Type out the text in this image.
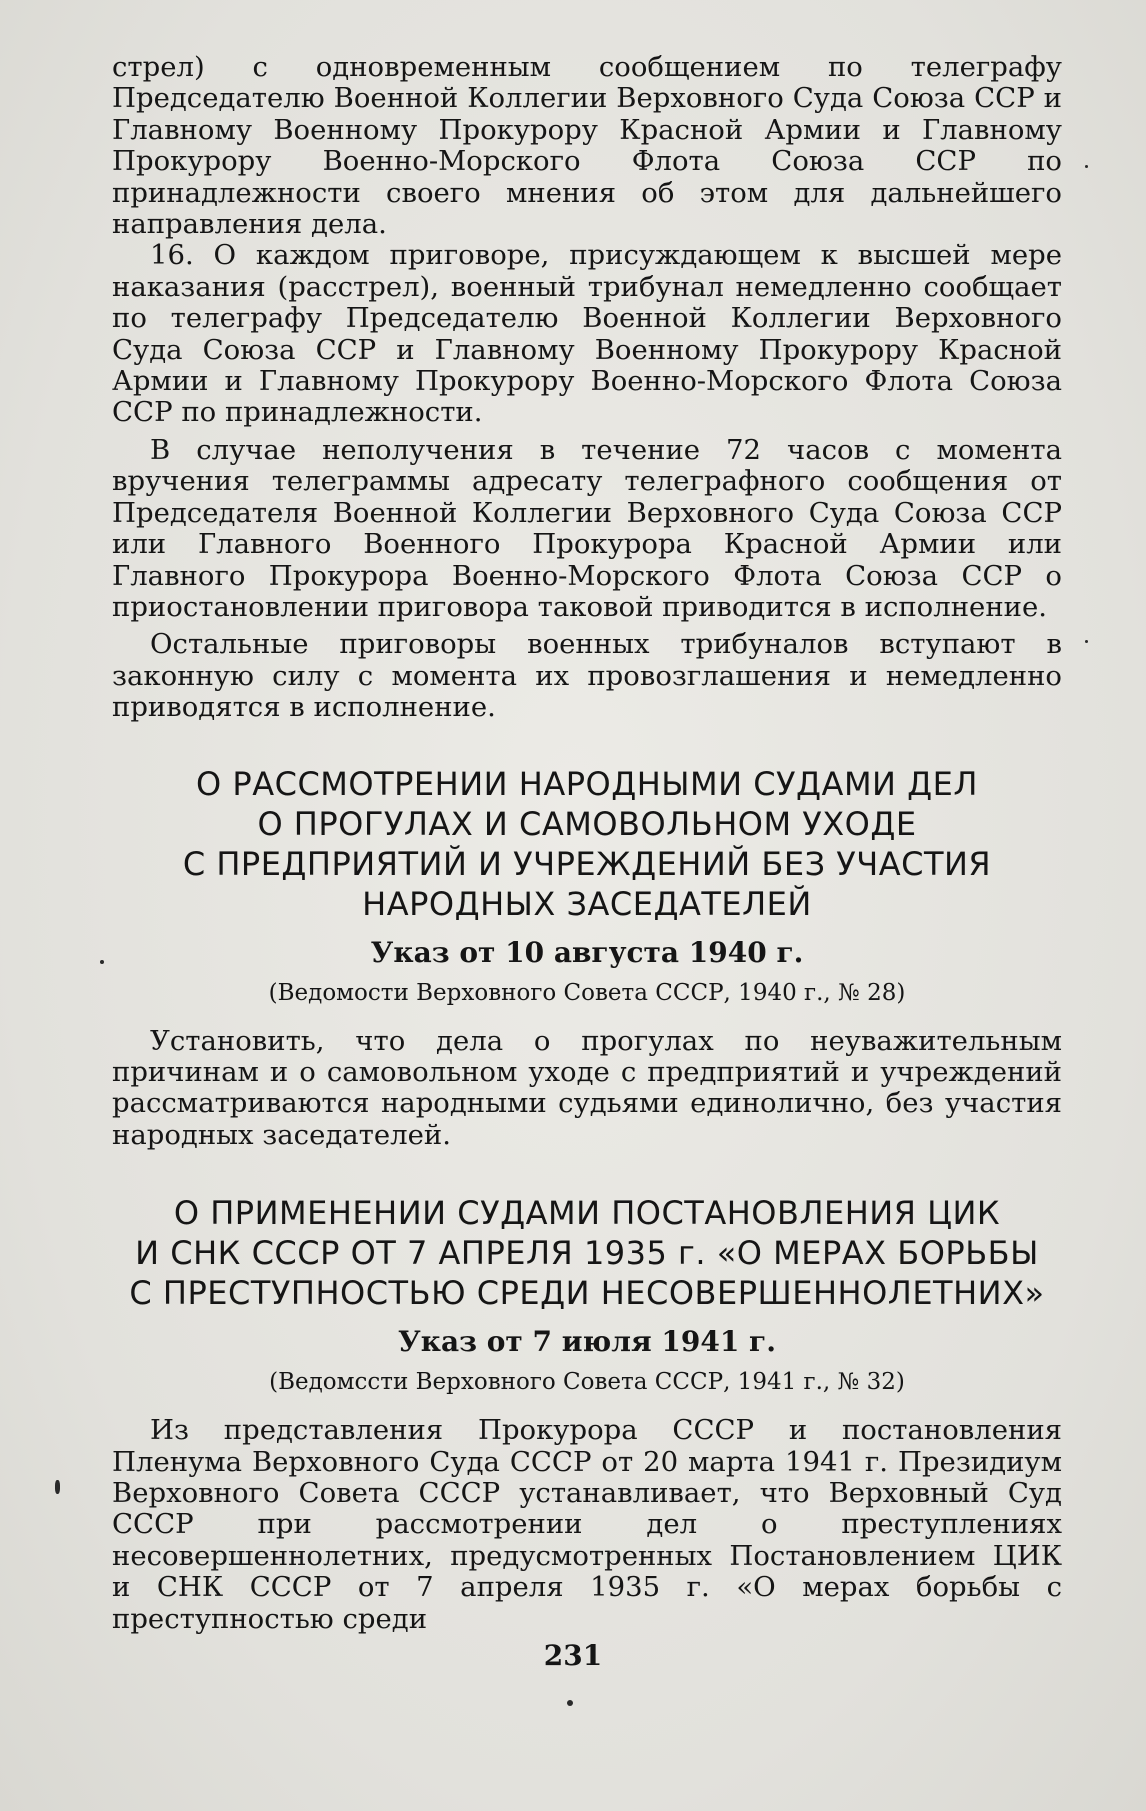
стрел) с одновременным сообщением по телеграфу Председателю Военной Коллегии Верховного Суда Союза ССР и Главному Военному Прокурору Красной Армии и Главному Прокурору Военно-Морского Флота Союза ССР по принадлежности своего мнения об этом для дальнейшего направления дела.

16. О каждом приговоре, присуждающем к высшей мере наказания (расстрел), военный трибунал немедленно сообщает по телеграфу Председателю Военной Коллегии Верховного Суда Союза ССР и Главному Военному Прокурору Красной Армии и Главному Прокурору Военно-Морского Флота Союза ССР по принадлежности.

В случае неполучения в течение 72 часов с момента вручения телеграммы адресату телеграфного сообщения от Председателя Военной Коллегии Верховного Суда Союза ССР или Главного Военного Прокурора Красной Армии или Главного Прокурора Военно-Морского Флота Союза ССР о приостановлении приговора таковой приводится в исполнение.

Остальные приговоры военных трибуналов вступают в законную силу с момента их провозглашения и немедленно приводятся в исполнение.

О РАССМОТРЕНИИ НАРОДНЫМИ СУДАМИ ДЕЛ

О ПРОГУЛАХ И САМОВОЛЬНОМ УХОДЕ

С ПРЕДПРИЯТИЙ И УЧРЕЖДЕНИЙ БЕЗ УЧАСТИЯ

НАРОДНЫХ ЗАСЕДАТЕЛЕЙ

Указ от 10 августа 1940 г.

(Ведомости Верховного Совета СССР, 1940 г., № 28)

Установить, что дела о прогулах по неуважительным причинам и о самовольном уходе с предприятий и учреждений рассматриваются народными судьями единолично, без участия народных заседателей.

О ПРИМЕНЕНИИ СУДАМИ ПОСТАНОВЛЕНИЯ ЦИК

И СНК СССР ОТ 7 АПРЕЛЯ 1935 г. «О МЕРАХ БОРЬБЫ

С ПРЕСТУПНОСТЬЮ СРЕДИ НЕСОВЕРШЕННОЛЕТНИХ»

Указ от 7 июля 1941 г.

(Ведомсcти Верховного Совета СССР, 1941 г., № 32)

Из представления Прокурора СССР и постановления Пленума Верховного Суда СССР от 20 марта 1941 г. Президиум Верховного Совета СССР устанавливает, что Верховный Суд СССР при рассмотрении дел о преступлениях несовершеннолетних, предусмотренных Постановлением ЦИК и СНК СССР от 7 апреля 1935 г. «О мерах борьбы с преступностью среди

231
